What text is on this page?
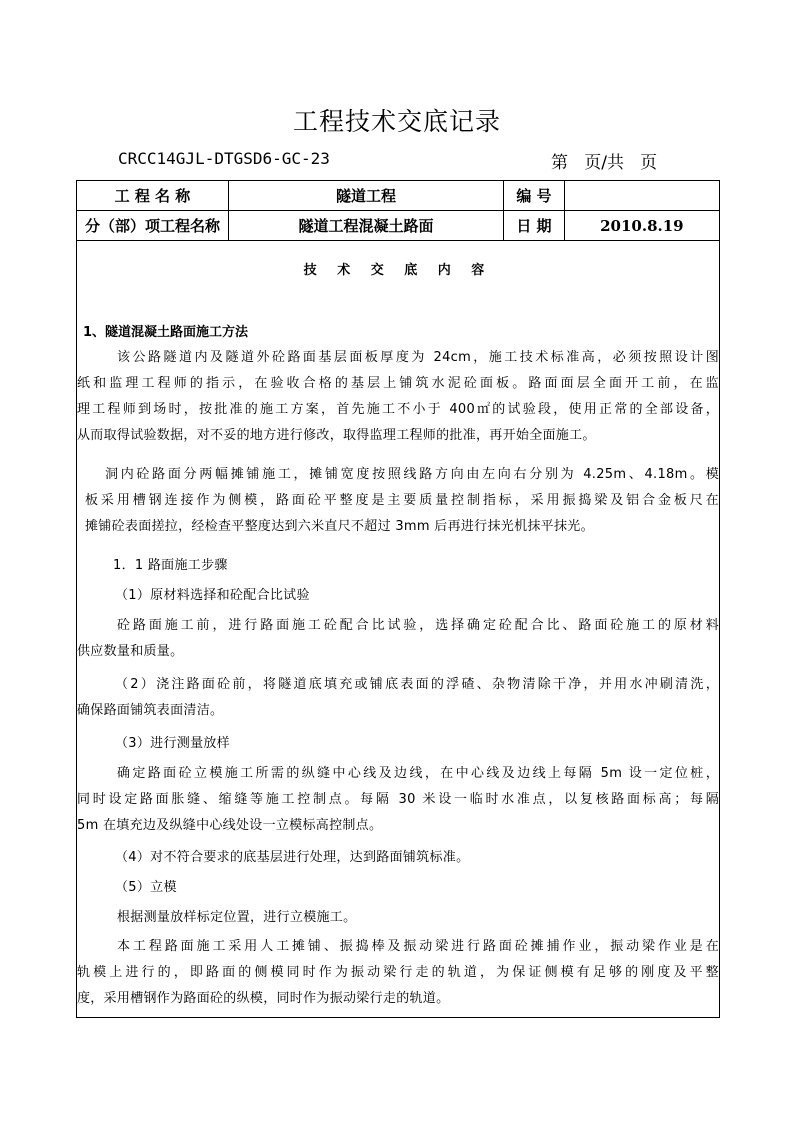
工程技术交底记录
CRCC14GJL-DTGSD6-GC-23	第   页/共   页
工 程 名 称	隧道工程	编 号	
分（部）项工程名称	隧道工程混凝土路面	日 期	2010.8.19
技 术 交 底 内 容
1、隧道混凝土路面施工方法
该公路隧道内及隧道外砼路面基层面板厚度为 24cm，施工技术标准高，必须按照设计图
纸和监理工程师的指示，在验收合格的基层上铺筑水泥砼面板。路面面层全面开工前，在监
理工程师到场时，按批准的施工方案，首先施工不小于 400㎡的试验段，使用正常的全部设备，
从而取得试验数据，对不妥的地方进行修改，取得监理工程师的批准，再开始全面施工。
洞内砼路面分两幅摊铺施工，摊铺宽度按照线路方向由左向右分别为 4.25m、4.18m。模
板采用槽钢连接作为侧模，路面砼平整度是主要质量控制指标，采用振捣梁及铝合金板尺在
摊铺砼表面搓拉，经检查平整度达到六米直尺不超过 3mm 后再进行抹光机抹平抹光。
1．1 路面施工步骤
（1）原材料选择和砼配合比试验
砼路面施工前，进行路面施工砼配合比试验，选择确定砼配合比、路面砼施工的原材料
供应数量和质量。
（2）浇注路面砼前，将隧道底填充或铺底表面的浮碴、杂物清除干净，并用水冲刷清洗，
确保路面铺筑表面清洁。
（3）进行测量放样
确定路面砼立模施工所需的纵缝中心线及边线，在中心线及边线上每隔 5m 设一定位桩，
同时设定路面胀缝、缩缝等施工控制点。每隔 30 米设一临时水准点，以复核路面标高；每隔
5m 在填充边及纵缝中心线处设一立模标高控制点。
（4）对不符合要求的底基层进行处理，达到路面铺筑标准。
（5）立模
根据测量放样标定位置，进行立模施工。
本工程路面施工采用人工摊铺、振捣棒及振动梁进行路面砼摊捕作业，振动梁作业是在
轨模上进行的，即路面的侧模同时作为振动梁行走的轨道，为保证侧模有足够的刚度及平整
度，采用槽钢作为路面砼的纵模，同时作为振动梁行走的轨道。
